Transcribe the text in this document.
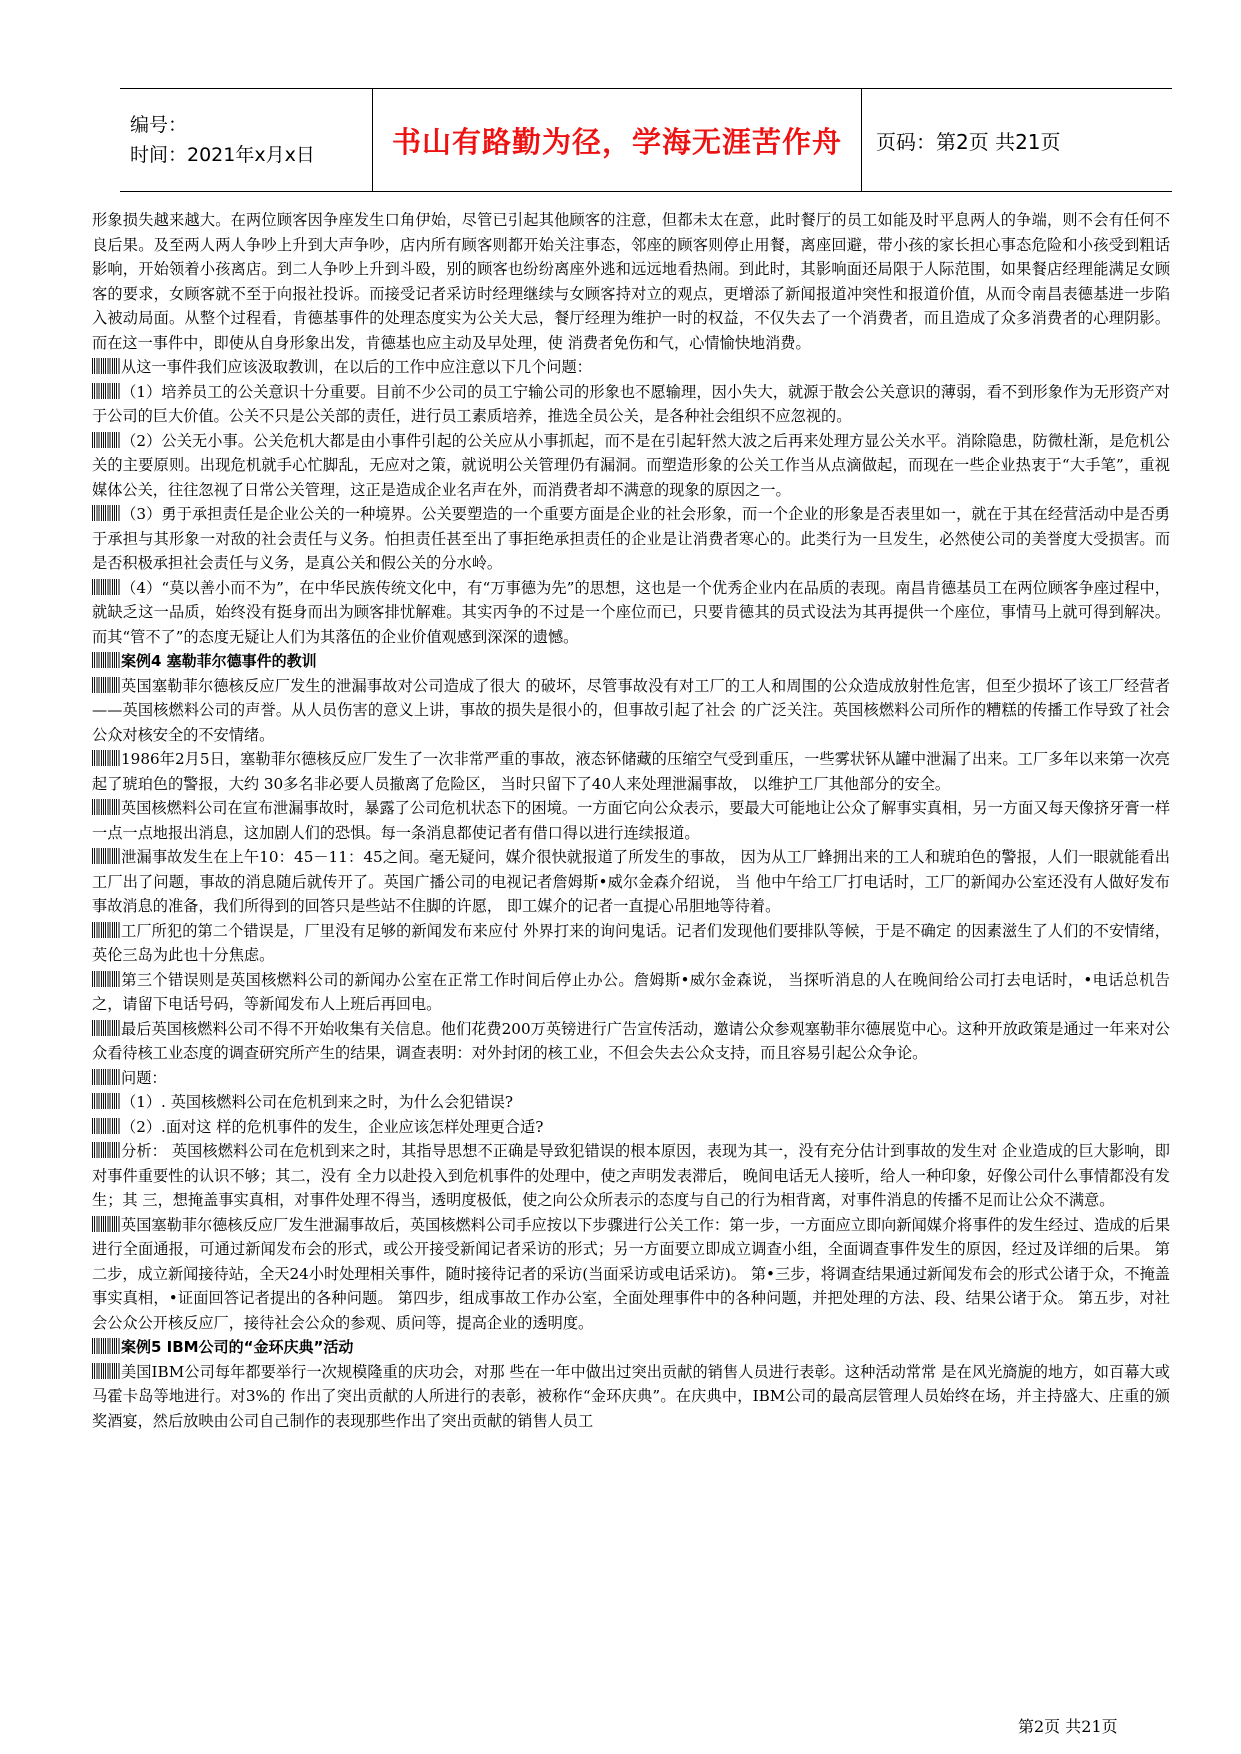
编号：
时间：2021年x月x日	书山有路勤为径，学海无涯苦作舟 页码：第2页 共21页

形象损失越来越大。在两位顾客因争座发生口角伊始，尽管已引起其他顾客的注意，但都未太在意，此时餐厅的员工如能及时平息两人的争端，则不会有任何不良后果。及至两人两人争吵上升到大声争吵，店内所有顾客则都开始关注事态，邻座的顾客则停止用餐，离座回避，带小孩的家长担心事态危险和小孩受到粗话影响，开始领着小孩离店。到二人争吵上升到斗殴，别的顾客也纷纷离座外逃和远远地看热闹。到此时，其影响面还局限于人际范围，如果餐店经理能满足女顾客的要求，女顾客就不至于向报社投诉。而接受记者采访时经理继续与女顾客持对立的观点，更增添了新闻报道冲突性和报道价值，从而令南昌表德基进一步陷入被动局面。从整个过程看，肯德基事件的处理态度实为公关大忌，餐厅经理为维护一时的权益，不仅失去了一个消费者，而且造成了众多消费者的心理阴影。而在这一事件中，即使从自身形象出发，肯德基也应主动及早处理，使 消费者免伤和气，心情愉快地消费。

从这一事件我们应该汲取教训，在以后的工作中应注意以下几个问题：

（1）培养员工的公关意识十分重要。目前不少公司的员工宁输公司的形象也不愿输理，因小失大，就源于散会公关意识的薄弱，看不到形象作为无形资产对于公司的巨大价值。公关不只是公关部的责任，进行员工素质培养，推选全员公关，是各种社会组织不应忽视的。

（2）公关无小事。公关危机大都是由小事件引起的公关应从小事抓起，而不是在引起轩然大波之后再来处理方显公关水平。消除隐患，防微杜渐，是危机公关的主要原则。出现危机就手心忙脚乱，无应对之策，就说明公关管理仍有漏洞。而塑造形象的公关工作当从点滴做起，而现在一些企业热衷于“大手笔”，重视媒体公关，往往忽视了日常公关管理，这正是造成企业名声在外，而消费者却不满意的现象的原因之一。

（3）勇于承担责任是企业公关的一种境界。公关要塑造的一个重要方面是企业的社会形象，而一个企业的形象是否表里如一，就在于其在经营活动中是否勇于承担与其形象一对敌的社会责任与义务。怕担责任甚至出了事拒绝承担责任的企业是让消费者寒心的。此类行为一旦发生，必然使公司的美誉度大受损害。而是否积极承担社会责任与义务，是真公关和假公关的分水岭。

（4）“莫以善小而不为”，在中华民族传统文化中，有“万事德为先”的思想，这也是一个优秀企业内在品质的表现。南昌肯德基员工在两位顾客争座过程中，就缺乏这一品质，始终没有挺身而出为顾客排忧解难。其实丙争的不过是一个座位而已，只要肯德其的员式设法为其再提供一个座位，事情马上就可得到解决。而其“管不了”的态度无疑让人们为其落伍的企业价值观感到深深的遗憾。

案例4 塞勒菲尔德事件的教训

英国塞勒菲尔德核反应厂发生的泄漏事故对公司造成了很大 的破坏，尽管事故没有对工厂的工人和周围的公众造成放射性危害，但至少损坏了该工厂经营者——英国核燃料公司的声誉。从人员伤害的意义上讲，事故的损失是很小的，但事故引起了社会 的广泛关注。英国核燃料公司所作的糟糕的传播工作导致了社会公众对核安全的不安情绪。

1986年2月5日，塞勒菲尔德核反应厂发生了一次非常严重的事故，液态钚储藏的压缩空气受到重压，一些雾状钚从罐中泄漏了出来。工厂多年以来第一次亮起了琥珀色的警报，大约 30多名非必要人员撤离了危险区， 当时只留下了40人来处理泄漏事故， 以维护工厂其他部分的安全。

英国核燃料公司在宣布泄漏事故时，暴露了公司危机状态下的困境。一方面它向公众表示，要最大可能地让公众了解事实真相，另一方面又每天像挤牙膏一样一点一点地报出消息，这加剧人们的恐惧。每一条消息都使记者有借口得以进行连续报道。

泄漏事故发生在上午10：45－11：45之间。毫无疑问，媒介很快就报道了所发生的事故， 因为从工厂蜂拥出来的工人和琥珀色的警报，人们一眼就能看出工厂出了问题，事故的消息随后就传开了。英国广播公司的电视记者詹姆斯•威尔金森介绍说， 当 他中午给工厂打电话时，工厂的新闻办公室还没有人做好发布事故消息的准备，我们所得到的回答只是些站不住脚的许愿， 即工媒介的记者一直提心吊胆地等待着。

工厂所犯的第二个错误是，厂里没有足够的新闻发布来应付 外界打来的询问鬼话。记者们发现他们要排队等候，于是不确定 的因素滋生了人们的不安情绪，英伦三岛为此也十分焦虑。

第三个错误则是英国核燃料公司的新闻办公室在正常工作时间后停止办公。詹姆斯•威尔金森说， 当探听消息的人在晚间给公司打去电话时，•电话总机告之，请留下电话号码，等新闻发布人上班后再回电。

最后英国核燃料公司不得不开始收集有关信息。他们花费200万英镑进行广告宣传活动，邀请公众参观塞勒菲尔德展览中心。这种开放政策是通过一年来对公众看待核工业态度的调查研究所产生的结果，调查表明：对外封闭的核工业，不但会失去公众支持，而且容易引起公众争论。

问题：

（1）. 英国核燃料公司在危机到来之时，为什么会犯错误?

（2）.面对这 样的危机事件的发生，企业应该怎样处理更合适?

分析： 英国核燃料公司在危机到来之时，其指导思想不正确是导致犯错误的根本原因，表现为其一，没有充分估计到事故的发生对 企业造成的巨大影响，即对事件重要性的认识不够；其二，没有 全力以赴投入到危机事件的处理中，使之声明发表滞后， 晚间电话无人接听，给人一种印象，好像公司什么事情都没有发生；其 三，想掩盖事实真相，对事件处理不得当，透明度极低，使之向公众所表示的态度与自己的行为相背离，对事件消息的传播不足而让公众不满意。

英国塞勒菲尔德核反应厂发生泄漏事故后，英国核燃料公司手应按以下步骤进行公关工作：第一步，一方面应立即向新闻媒介将事件的发生经过、造成的后果进行全面通报，可通过新闻发布会的形式，或公开接受新闻记者采访的形式；另一方面要立即成立调查小组，全面调查事件发生的原因，经过及详细的后果。 第二步，成立新闻接待站，全天24小时处理相关事件，随时接待记者的采访(当面采访或电话采访)。 第•三步，将调查结果通过新闻发布会的形式公诸于众，不掩盖事实真相，•证面回答记者提出的各种问题。 第四步，组成事故工作办公室，全面处理事件中的各种问题，并把处理的方法、段、结果公诸于众。 第五步，对社会公众公开核反应厂，接待社会公众的参观、质问等，提高企业的透明度。

案例5 IBM公司的“金环庆典”活动

美国IBM公司每年都要举行一次规模隆重的庆功会，对那 些在一年中做出过突出贡献的销售人员进行表彰。这种活动常常 是在风光旖旎的地方，如百幕大或马霍卡岛等地进行。对3%的 作出了突出贡献的人所进行的表彰，被称作“金环庆典”。在庆典中，IBM公司的最高层管理人员始终在场，并主持盛大、庄重的颁奖酒宴，然后放映由公司自己制作的表现那些作出了突出贡献的销售人员工

第2页 共21页
